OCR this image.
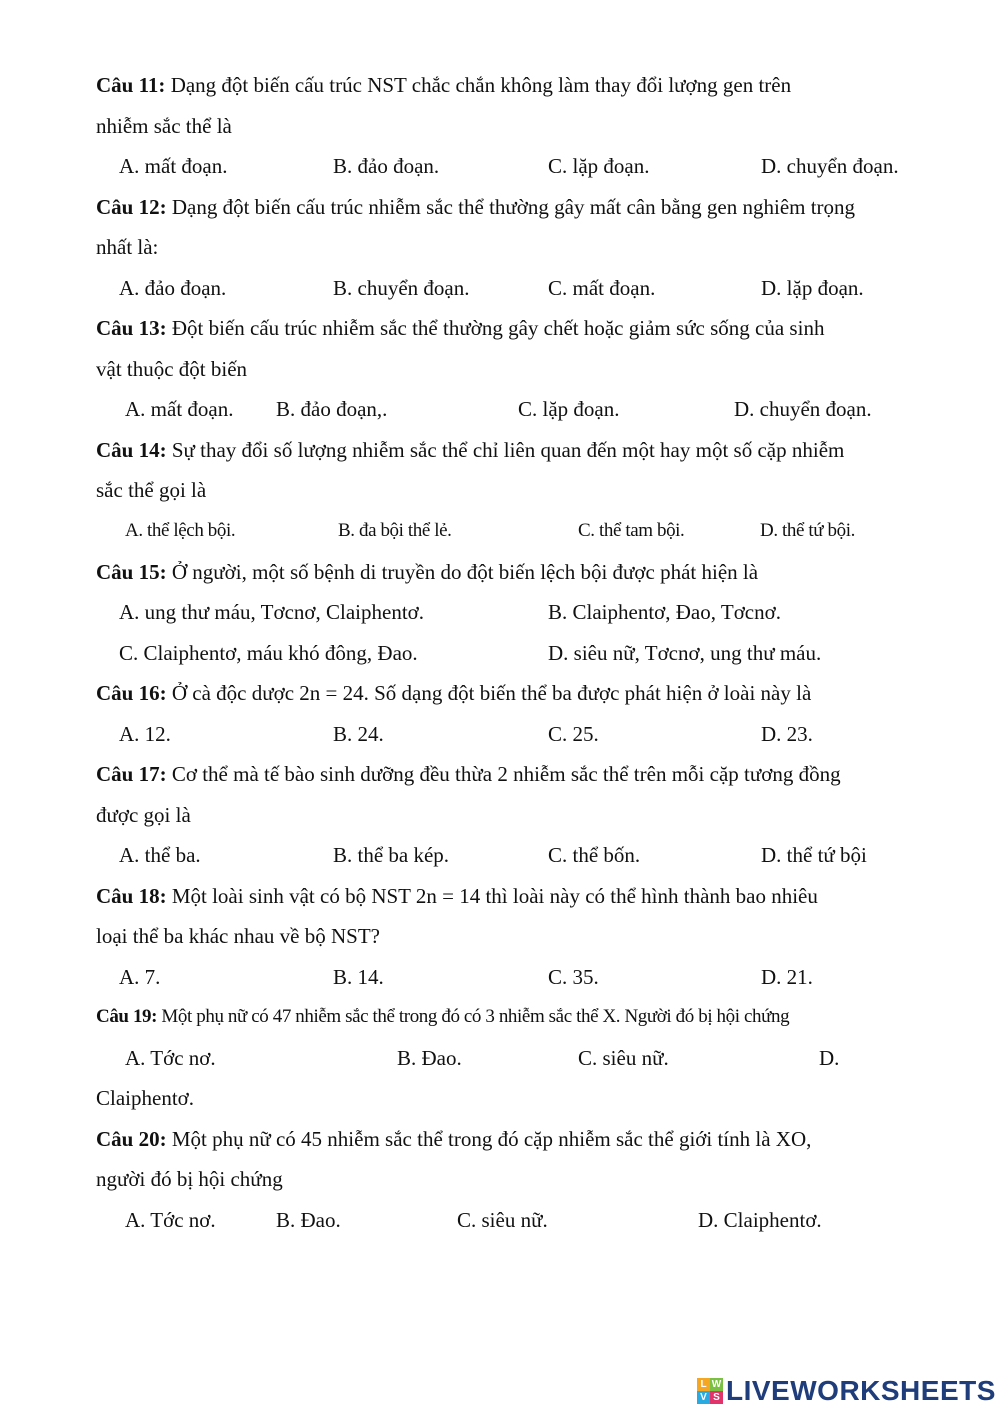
Câu 11: Dạng đột biến cấu trúc NST chắc chắn không làm thay đổi lượng gen trên
nhiễm sắc thể là
A. mất đoạn.	B. đảo đoạn.	C. lặp đoạn.	D. chuyển đoạn.
Câu 12: Dạng đột biến cấu trúc nhiễm sắc thể thường gây mất cân bằng gen nghiêm trọng
nhất là:
A. đảo đoạn.	B. chuyển đoạn.	C. mất đoạn.	D. lặp đoạn.
Câu 13: Đột biến cấu trúc nhiễm sắc thể thường gây chết hoặc giảm sức sống của sinh
vật thuộc đột biến
A. mất đoạn. B. đảo đoạn,.	C. lặp đoạn.	D. chuyển đoạn.
Câu 14: Sự thay đổi số lượng nhiễm sắc thể chỉ liên quan đến một hay một số cặp nhiễm
sắc thể gọi là
A. thể lệch bội.	B. đa bội thể lẻ.	C. thể tam bội.	D. thể tứ bội.
Câu 15: Ở người, một số bệnh di truyền do đột biến lệch bội được phát hiện là
A. ung thư máu, Tơcnơ, Claiphentơ.	B. Claiphentơ, Đao, Tơcnơ.
C. Claiphentơ, máu khó đông, Đao.	D. siêu nữ, Tơcnơ, ung thư máu.
Câu 16: Ở cà độc dược 2n = 24. Số dạng đột biến thể ba được phát hiện ở loài này là
A. 12.	B. 24.	C. 25.	D. 23.
Câu 17: Cơ thể mà tế bào sinh dưỡng đều thừa 2 nhiễm sắc thể trên mỗi cặp tương đồng
được gọi là
A. thể ba.	B. thể ba kép.	C. thể bốn.	D. thể tứ bội
Câu 18: Một loài sinh vật có bộ NST 2n = 14 thì loài này có thể hình thành bao nhiêu
loại thể ba khác nhau về bộ NST?
A. 7.	B. 14.	C. 35.	D. 21.
Câu 19: Một phụ nữ có 47 nhiễm sắc thể trong đó có 3 nhiễm sắc thể X. Người đó bị hội chứng
A. Tớc nơ.	B. Đao.	C. siêu nữ.	D.
Claiphentơ.
Câu 20: Một phụ nữ có 45 nhiễm sắc thể trong đó cặp nhiễm sắc thể giới tính là XO,
người đó bị hội chứng
A. Tớc nơ.	B. Đao.	C. siêu nữ.	D. Claiphentơ.
L W
V S LIVEWORKSHEETS
